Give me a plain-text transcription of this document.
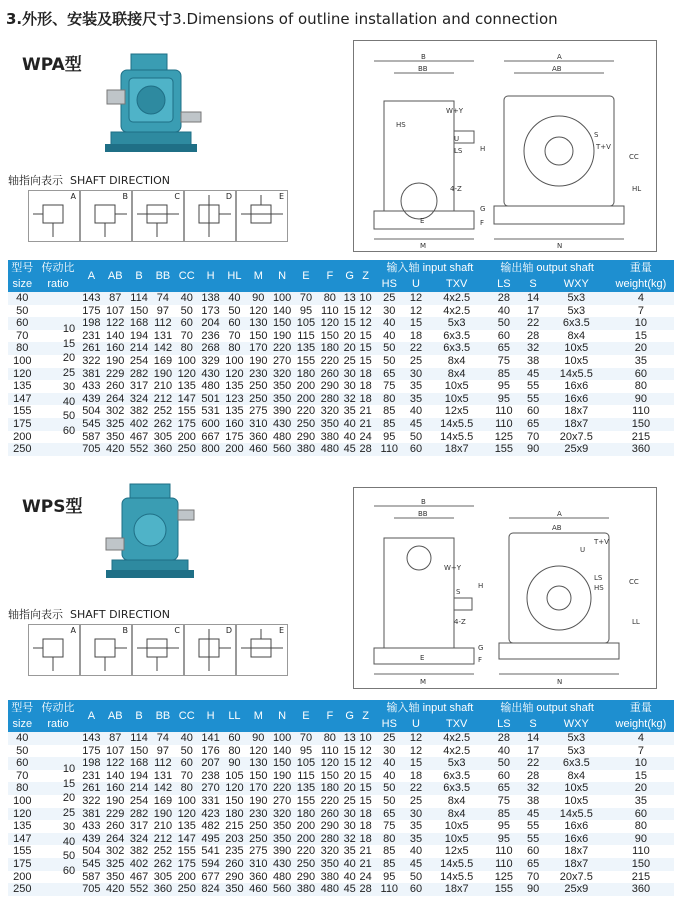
3.外形、安装及联接尺寸3.Dimensions of outline installation and connection
WPA型
轴指向表示 SHAFT DIRECTION
A	B	C	D	E
B
BB
A
AB
W+Y
T+V
LS
HS
CC
4-Z	HL
H
G
F
E
M	N
U	S
型号
size	传动比
ratio	A	AB	B	BB	CC	H	HL	M	N	E	F	G	Z	输入轴 input shaft			输出轴 output shaft			重量
weight(kg)
															HS	U	TXV	LS	S	WXY	
40		143	87	114	74	40	138	40	90	100	70	80	13	10	25	12	4x2.5	28	14	5x3	4
50		175	107	150	97	50	173	50	120	140	95	110	15	12	30	12	4x2.5	40	17	5x3	7
60		198	122	168	112	60	204	60	130	150	105	120	15	12	40	15	5x3	50	22	6x3.5	10
70		231	140	194	131	70	236	70	150	190	115	150	20	15	40	18	6x3.5	60	28	8x4	15
80		261	160	214	142	80	268	80	170	220	135	180	20	15	50	22	6x3.5	65	32	10x5	20
100		322	190	254	169	100	329	100	190	270	155	220	25	15	50	25	8x4	75	38	10x5	35
120		381	229	282	190	120	430	120	230	320	180	260	30	18	65	30	8x4	85	45	14x5.5	60
135		433	260	317	210	135	480	135	250	350	200	290	30	18	75	35	10x5	95	55	16x6	80
147		439	264	324	212	147	501	123	250	350	200	280	32	18	80	35	10x5	95	55	16x6	90
155		504	302	382	252	155	531	135	275	390	220	320	35	21	85	40	12x5	110	60	18x7	110
175		545	325	402	262	175	600	160	310	430	250	350	40	21	85	45	14x5.5	110	65	18x7	150
200		587	350	467	305	200	667	175	360	480	290	380	40	24	95	50	14x5.5	125	70	20x7.5	215
250		705	420	552	360	250	800	200	460	560	380	480	45	28	110	60	18x7	155	90	25x9	360
10
15
20
25
30
40
50
60
WPS型
轴指向表示 SHAFT DIRECTION
A	B	C	D	E
B
BB	A
AB
T+V
W+Y
LS
HS
CC
4-Z	LL
H
G
F
E
M	N
U
S
型号
size	传动比
ratio	A	AB	B	BB	CC	H	LL	M	N	E	F	G	Z	输入轴 input shaft			输出轴 output shaft			重量
weight(kg)
															HS	U	TXV	LS	S	WXY	
40		143	87	114	74	40	141	60	90	100	70	80	13	10	25	12	4x2.5	28	14	5x3	4
50		175	107	150	97	50	176	80	120	140	95	110	15	12	30	12	4x2.5	40	17	5x3	7
60		198	122	168	112	60	207	90	130	150	105	120	15	12	40	15	5x3	50	22	6x3.5	10
70		231	140	194	131	70	238	105	150	190	115	150	20	15	40	18	6x3.5	60	28	8x4	15
80		261	160	214	142	80	270	120	170	220	135	180	20	15	50	22	6x3.5	65	32	10x5	20
100		322	190	254	169	100	331	150	190	270	155	220	25	15	50	25	8x4	75	38	10x5	35
120		381	229	282	190	120	423	180	230	320	180	260	30	18	65	30	8x4	85	45	14x5.5	60
135		433	260	317	210	135	482	215	250	350	200	290	30	18	75	35	10x5	95	55	16x6	80
147		439	264	324	212	147	495	203	250	350	200	280	32	18	80	35	10x5	95	55	16x6	90
155		504	302	382	252	155	541	235	275	390	220	320	35	21	85	40	12x5	110	60	18x7	110
175		545	325	402	262	175	594	260	310	430	250	350	40	21	85	45	14x5.5	110	65	18x7	150
200		587	350	467	305	200	677	290	360	480	290	380	40	24	95	50	14x5.5	125	70	20x7.5	215
250		705	420	552	360	250	824	350	460	560	380	480	45	28	110	60	18x7	155	90	25x9	360
10
15
20
25
30
40
50
60
